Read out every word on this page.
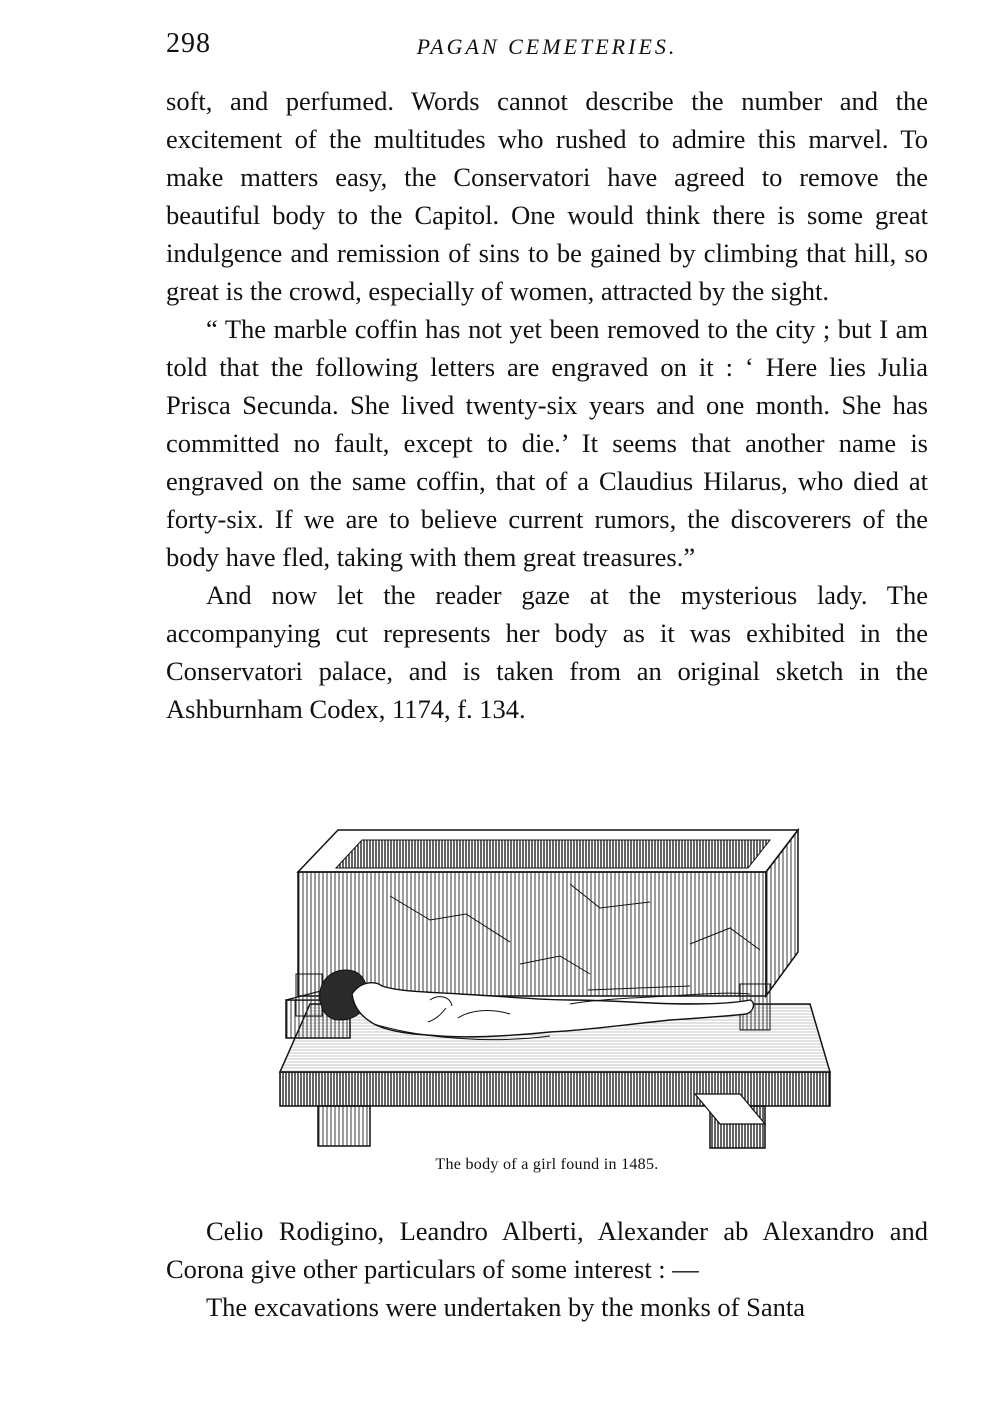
298	PAGAN CEMETERIES.

soft, and perfumed. Words cannot describe the number and the excitement of the multitudes who rushed to admire this marvel. To make matters easy, the Conservatori have agreed to remove the beautiful body to the Capitol. One would think there is some great indulgence and remission of sins to be gained by climbing that hill, so great is the crowd, especially of women, attracted by the sight.

“ The marble coffin has not yet been removed to the city ; but I am told that the following letters are engraved on it : ‘ Here lies Julia Prisca Secunda. She lived twenty-six years and one month. She has committed no fault, except to die.’ It seems that another name is engraved on the same coffin, that of a Claudius Hilarus, who died at forty-six. If we are to believe current rumors, the discoverers of the body have fled, taking with them great treasures.”

And now let the reader gaze at the mysterious lady. The accompanying cut represents her body as it was exhibited in the Conservatori palace, and is taken from an original sketch in the Ashburnham Codex, 1174, f. 134.

The body of a girl found in 1485.

Celio Rodigino, Leandro Alberti, Alexander ab Alexandro and Corona give other particulars of some interest : —

The excavations were undertaken by the monks of Santa
